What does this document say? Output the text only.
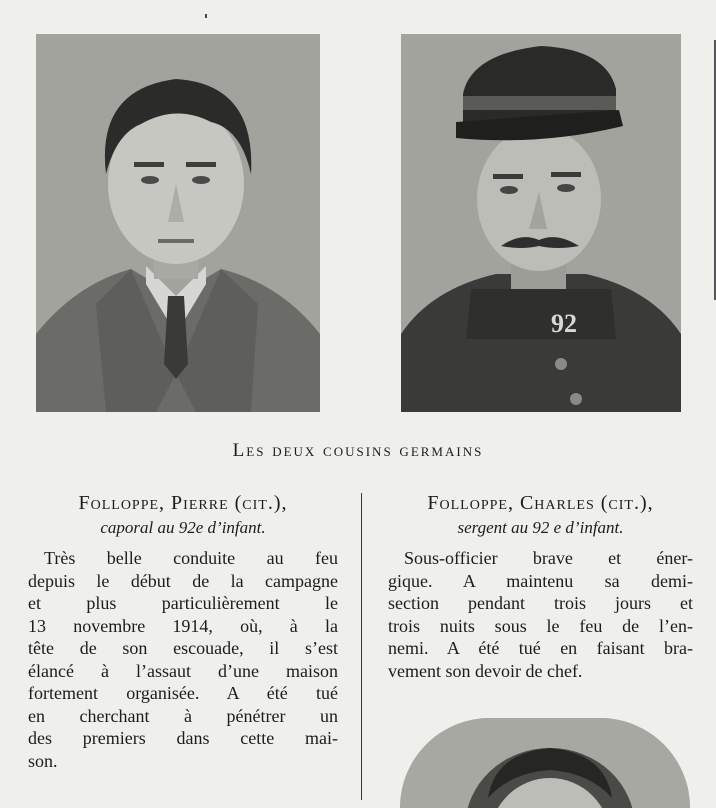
92
Les deux cousins germains
Folloppe, Pierre (cit.),
caporal au 92e d’infant.
Très belle conduite au feu
depuis le début de la campagne
et plus particulièrement le
13 novembre 1914, où, à la
tête de son escouade, il s’est
élancé à l’assaut d’une maison
fortement organisée. A été tué
en cherchant à pénétrer un
des premiers dans cette mai-
son.
Folloppe, Charles (cit.),
sergent au 92 e d’infant.
Sous-officier brave et éner-
gique. A maintenu sa demi-
section pendant trois jours et
trois nuits sous le feu de l’en-
nemi. A été tué en faisant bra-
vement son devoir de chef.
